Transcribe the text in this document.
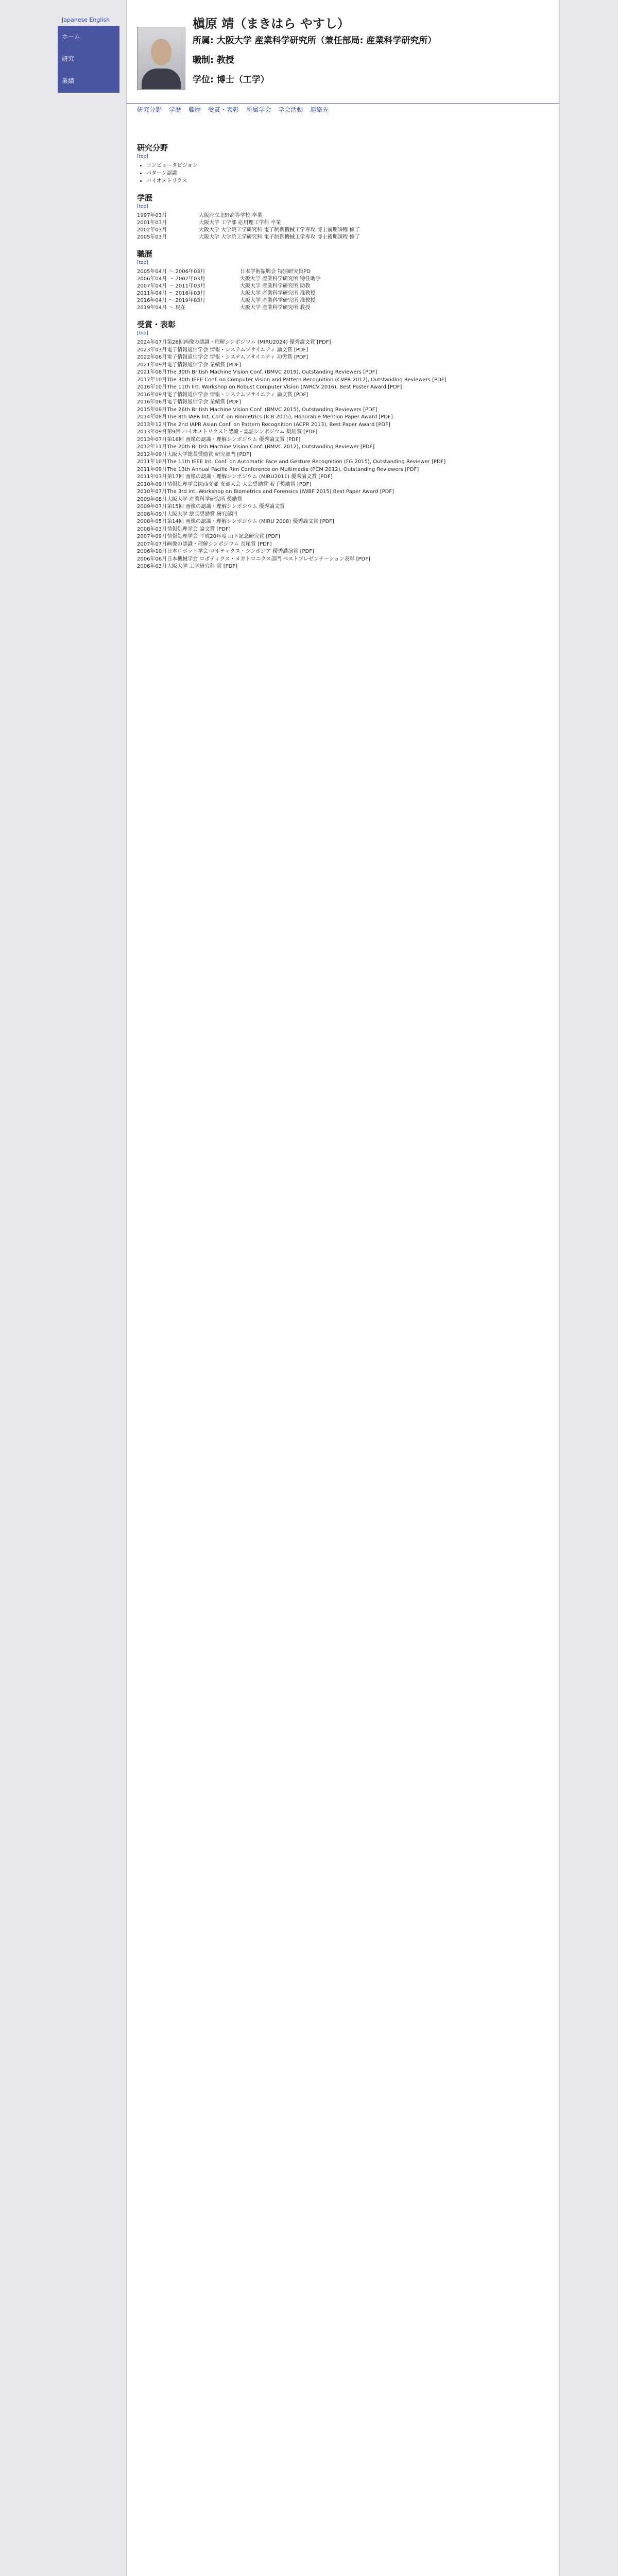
Japanese English
ホーム
研究
業績
槇原 靖（まきはら やすし）
所属: 大阪大学 産業科学研究所（兼任部局: 産業科学研究所）
職制: 教授
学位: 博士（工学）
研究分野 学歴 職歴 受賞・表彰 所属学会 学会活動 連絡先
研究分野
[top]
• コンピュータビジョン
• パターン認識
• バイオメトリクス
学歴
[top]
1997年03月	大阪府立北野高等学校 卒業
2001年03月	大阪大学 工学部 応用理工学科 卒業
2002年03月	大阪大学 大学院工学研究科 電子制御機械工学専攻 博士前期課程 修了
2005年03月	大阪大学 大学院工学研究科 電子制御機械工学専攻 博士後期課程 修了
職歴
[top]
2005年04月 ～ 2006年03月	日本学術振興会 特別研究員PD
2006年04月 ～ 2007年03月	大阪大学 産業科学研究所 特任助手
2007年04月 ～ 2011年03月	大阪大学 産業科学研究所 助教
2011年04月 ～ 2016年03月	大阪大学 産業科学研究所 准教授
2016年04月 ～ 2019年03月	大阪大学 産業科学研究所 准教授
2019年04月 ～ 現在	大阪大学 産業科学研究所 教授
受賞・表彰
[top]
2024年07月第26回画像の認識・理解シンポジウム (MIRU2024) 優秀論文賞 [PDF]
2023年03月電子情報通信学会 情報・システムソサイエティ 論文賞 [PDF]
2022年06月電子情報通信学会 情報・システムソサイエティ 功労賞 [PDF]
2021年09月電子情報通信学会 業績賞 [PDF]
2021年08月The 30th British Machine Vision Conf. (BMVC 2019), Outstanding Reviewers [PDF]
2017年10月The 30th IEEE Conf. on Computer Vision and Pattern Recognition (CVPR 2017), Outstanding Reviewers [PDF]
2016年10月The 11th Int. Workshop on Robust Computer Vision (IWRCV 2016), Best Poster Award [PDF]
2016年09月電子情報通信学会 情報・システムソサイエティ 論文賞 [PDF]
2016年06月電子情報通信学会 業績賞 [PDF]
2015年09月The 26th British Machine Vision Conf. (BMVC 2015), Outstanding Reviewers [PDF]
2014年08月The 8th IAPR Int. Conf. on Biometrics (ICB 2015), Honorable Mention Paper Award [PDF]
2013年12月The 2nd IAPR Asian Conf. on Pattern Recognition (ACPR 2013), Best Paper Award [PDF]
2013年09月第9回 バイオメトリクスと認識・認証シンポジウム 奨励賞 [PDF]
2013年07月第16回 画像の認識・理解シンポジウム 優秀論文賞 [PDF]
2012年11月The 20th British Machine Vision Conf. (BMVC 2012), Outstanding Reviewer [PDF]
2012年09月大阪大学総長奨励賞 研究部門 [PDF]
2011年10月The 11th IEEE Int. Conf. on Automatic Face and Gesture Recognition (FG 2015), Outstanding Reviewer [PDF]
2011年09月The 13th Annual Pacific Rim Conference on Multimedia (PCM 2012), Outstanding Reviewers [PDF]
2011年03月第17回 画像の認識・理解シンポジウム (MIRU2011) 優秀論文賞 [PDF]
2010年09月情報処理学会関西支部 支部大会 大会奨励賞 若手奨励賞 [PDF]
2010年07月The 3rd Int. Workshop on Biometrics and Forensics (IWBF 2015) Best Paper Award [PDF]
2009年08月大阪大学 産業科学研究所 奨励賞
2009年07月第15回 画像の認識・理解シンポジウム 優秀論文賞
2008年09月大阪大学 総長奨励賞 研究部門
2008年05月第14回 画像の認識・理解シンポジウム (MIRU 2008) 優秀論文賞 [PDF]
2008年03月情報処理学会 論文賞 [PDF]
2007年09月情報処理学会 平成20年度 山下記念研究賞 [PDF]
2007年07月画像の認識・理解シンポジウム 長尾賞 [PDF]
2006年10月日本ロボット学会 ロボティクス・シンポジア 優秀講演賞 [PDF]
2006年06月日本機械学会 ロボティクス・メカトロニクス部門 ベストプレゼンテーション表彰 [PDF]
2006年03月大阪大学 工学研究科 賞 [PDF]
